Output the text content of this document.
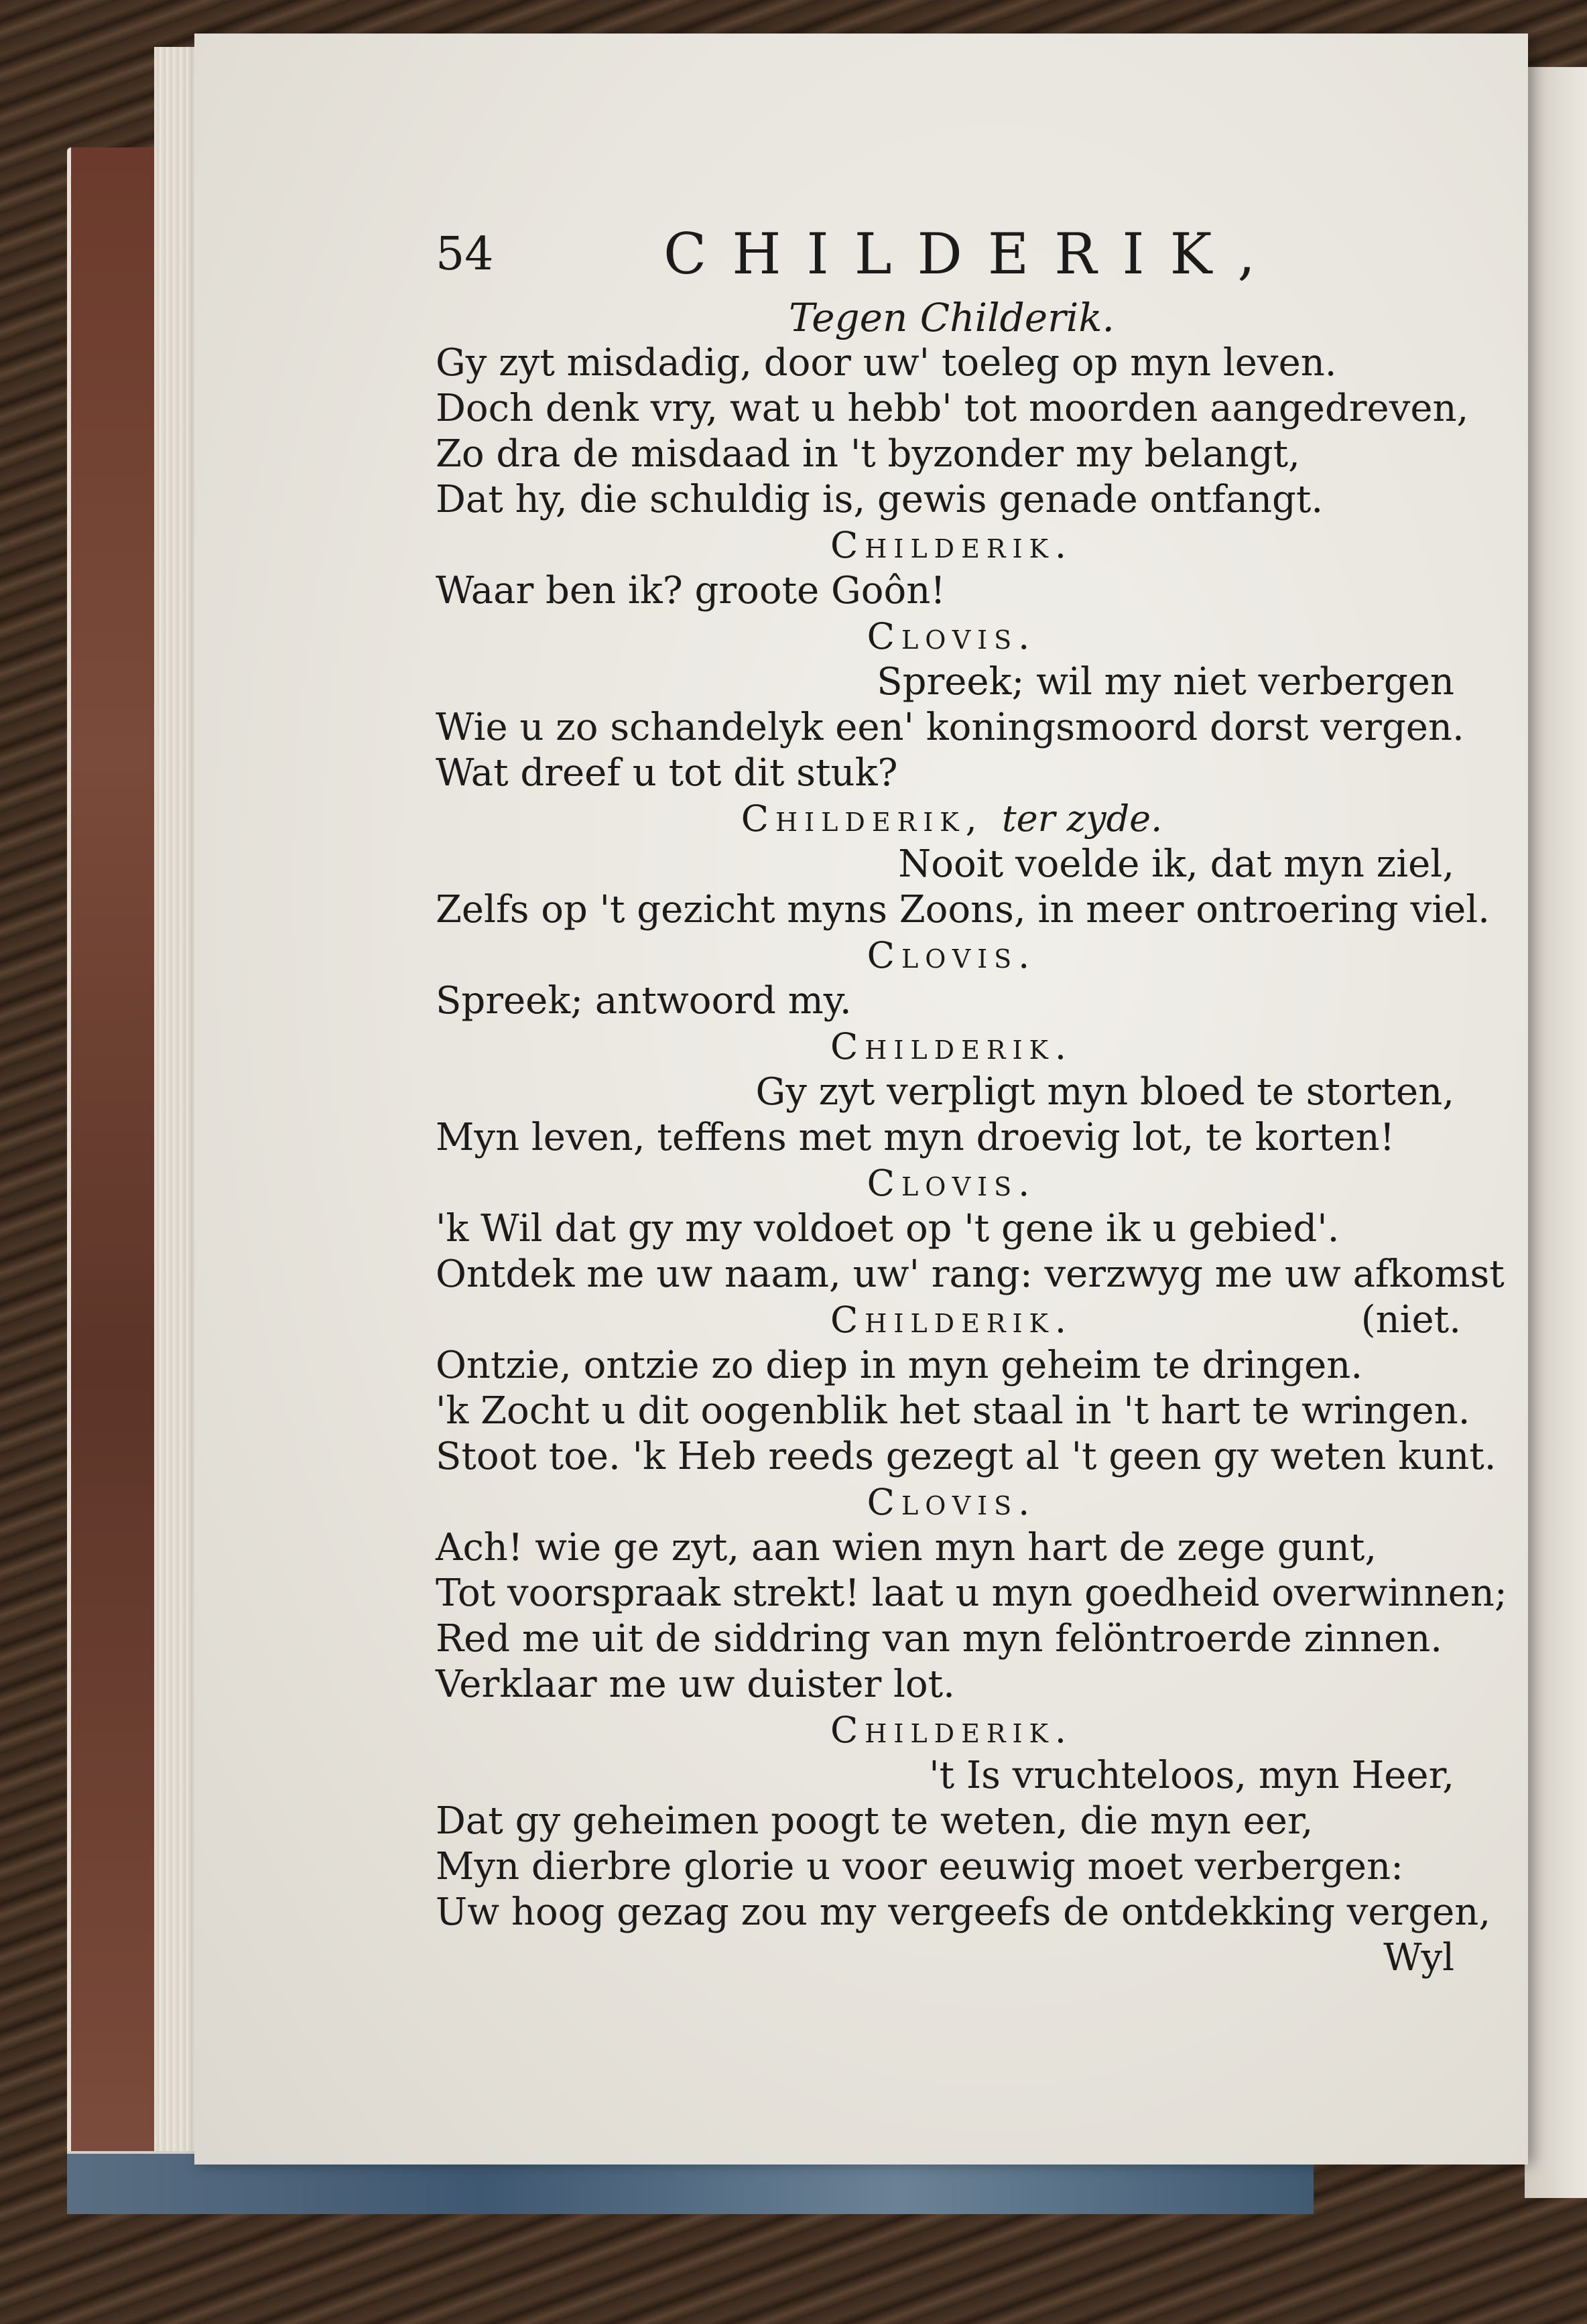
54	CHILDERIK,
Tegen Childerik.
Gy zyt misdadig, door uw' toeleg op myn leven.
Doch denk vry, wat u hebb' tot moorden aangedreven,
Zo dra de misdaad in 't byzonder my belangt,
Dat hy, die schuldig is, gewis genade ontfangt.
Childerik.
Waar ben ik? groote Goôn!
Clovis.
Spreek; wil my niet verbergen
Wie u zo schandelyk een' koningsmoord dorst vergen.
Wat dreef u tot dit stuk?
Childerik, ter zyde.
Nooit voelde ik, dat myn ziel,
Zelfs op 't gezicht myns Zoons, in meer ontroering viel.
Clovis.
Spreek; antwoord my.
Childerik.
Gy zyt verpligt myn bloed te storten,
Myn leven, teffens met myn droevig lot, te korten!
Clovis.
'k Wil dat gy my voldoet op 't gene ik u gebied'.
Ontdek me uw naam, uw' rang: verzwyg me uw afkomst
Childerik.	(niet.
Ontzie, ontzie zo diep in myn geheim te dringen.
'k Zocht u dit oogenblik het staal in 't hart te wringen.
Stoot toe. 'k Heb reeds gezegt al 't geen gy weten kunt.
Clovis.
Ach! wie ge zyt, aan wien myn hart de zege gunt,
Tot voorspraak strekt! laat u myn goedheid overwinnen;
Red me uit de siddring van myn felöntroerde zinnen.
Verklaar me uw duister lot.
Childerik.
't Is vruchteloos, myn Heer,
Dat gy geheimen poogt te weten, die myn eer,
Myn dierbre glorie u voor eeuwig moet verbergen:
Uw hoog gezag zou my vergeefs de ontdekking vergen,
Wyl
